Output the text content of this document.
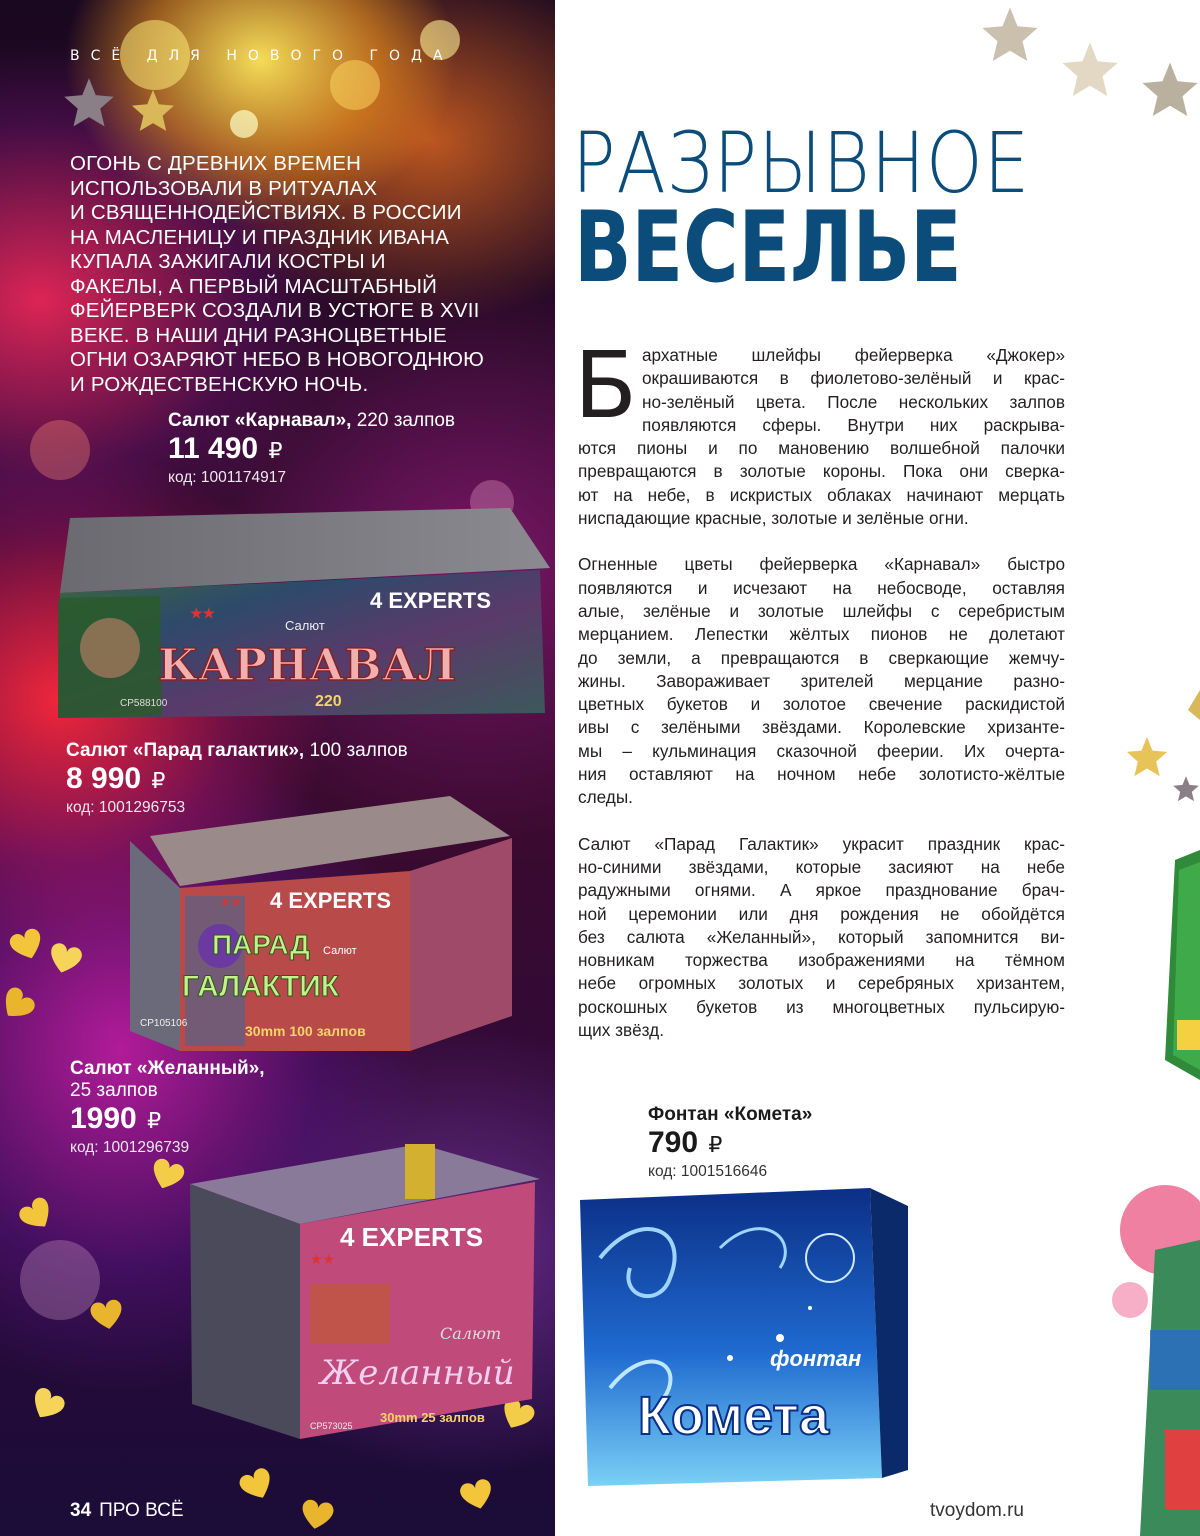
ВСЁ ДЛЯ НОВОГО ГОДА
ОГОНЬ С ДРЕВНИХ ВРЕМЕН
ИСПОЛЬЗОВАЛИ В РИТУАЛАХ
И СВЯЩЕННОДЕЙСТВИЯХ. В РОССИИ
НА МАСЛЕНИЦУ И ПРАЗДНИК ИВАНА
КУПАЛА ЗАЖИГАЛИ КОСТРЫ И
ФАКЕЛЫ, А ПЕРВЫЙ МАСШТАБНЫЙ
ФЕЙЕРВЕРК СОЗДАЛИ В УСТЮГЕ В XVII
ВЕКЕ. В НАШИ ДНИ РАЗНОЦВЕТНЫЕ
ОГНИ ОЗАРЯЮТ НЕБО В НОВОГОДНЮЮ
И РОЖДЕСТВЕНСКУЮ НОЧЬ.
Салют «Карнавал», 220 залпов
11 490 ₽
код: 1001174917
★★
Салют
4 EXPERTS
КАРНАВАЛ
CP588100	220
Салют «Парад галактик», 100 залпов
8 990 ₽
код: 1001296753
★★ 4 EXPERTS
ПАРАД
ГАЛАКТИК
Салют
CP105106	30mm 100 залпов
Салют «Желанный»,
25 залпов
1990 ₽
код: 1001296739
★★
4 EXPERTS
Салют
Желанный
CP573025
30mm 25 залпов
34 ПРО ВСЁ
РАЗРЫВНОЕ
ВЕСЕЛЬЕ
Б архатные шлейфы фейерверка «Джокер»
окрашиваются в фиолетово-зелёный и крас-
но-зелёный цвета. После нескольких залпов
появляются сферы. Внутри них раскрыва-
ются пионы и по мановению волшебной палочки
превращаются в золотые короны. Пока они сверка-
ют на небе, в искристых облаках начинают мерцать
ниспадающие красные, золотые и зелёные огни.
Огненные цветы фейерверка «Карнавал» быстро
появляются и исчезают на небосводе, оставляя
алые, зелёные и золотые шлейфы с серебристым
мерцанием. Лепестки жёлтых пионов не долетают
до земли, а превращаются в сверкающие жемчу-
жины. Завораживает зрителей мерцание разно-
цветных букетов и золотое свечение раскидистой
ивы с зелёными звёздами. Королевские хризанте-
мы – кульминация сказочной феерии. Их очерта-
ния оставляют на ночном небе золотисто-жёлтые
следы.
Салют «Парад Галактик» украсит праздник крас-
но-синими звёздами, которые засияют на небе
радужными огнями. А яркое празднование брач-
ной церемонии или дня рождения не обойдётся
без салюта «Желанный», который запомнится ви-
новникам торжества изображениями на тёмном
небе огромных золотых и серебряных хризантем,
роскошных букетов из многоцветных пульсирую-
щих звёзд.
Фонтан «Комета»
790 ₽
код: 1001516646
фонтан
Комета
tvoydom.ru
